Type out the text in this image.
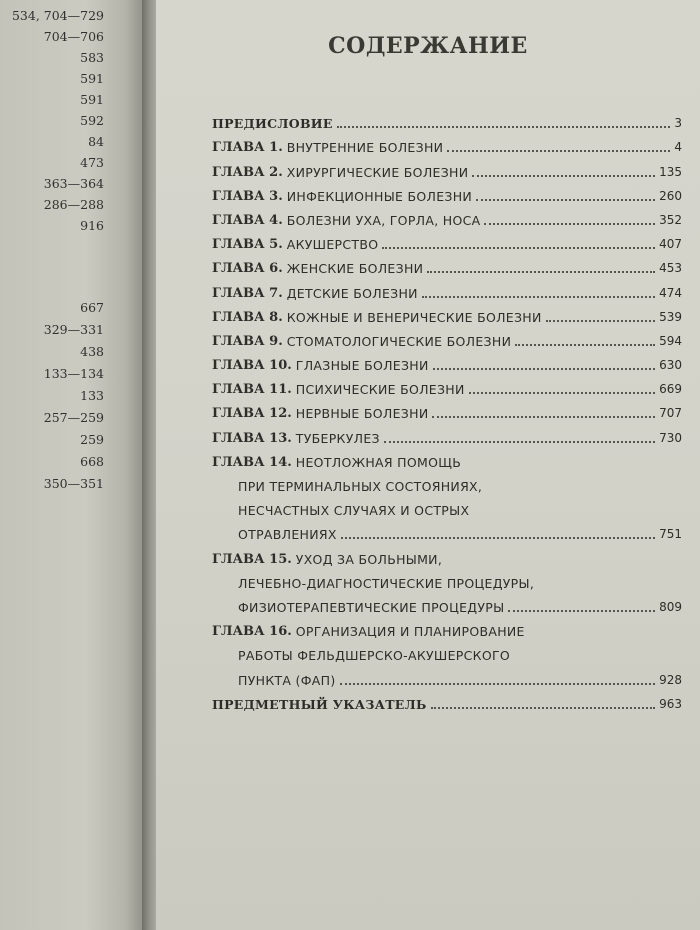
534, 704—729
704—706
583
591
591
592
84
473
363—364
286—288
916
667
329—331
438
133—134
133
257—259
259
668
350—351
СОДЕРЖАНИЕ
ПРЕДИСЛОВИЕ	3
ГЛАВА 1. ВНУТРЕННИЕ БОЛЕЗНИ	4
ГЛАВА 2. ХИРУРГИЧЕСКИЕ БОЛЕЗНИ	135
ГЛАВА 3. ИНФЕКЦИОННЫЕ БОЛЕЗНИ	260
ГЛАВА 4. БОЛЕЗНИ УХА, ГОРЛА, НОСА	352
ГЛАВА 5. АКУШЕРСТВО	407
ГЛАВА 6. ЖЕНСКИЕ БОЛЕЗНИ	453
ГЛАВА 7. ДЕТСКИЕ БОЛЕЗНИ	474
ГЛАВА 8. КОЖНЫЕ И ВЕНЕРИЧЕСКИЕ БОЛЕЗНИ	539
ГЛАВА 9. СТОМАТОЛОГИЧЕСКИЕ БОЛЕЗНИ	594
ГЛАВА 10. ГЛАЗНЫЕ БОЛЕЗНИ	630
ГЛАВА 11. ПСИХИЧЕСКИЕ БОЛЕЗНИ	669
ГЛАВА 12. НЕРВНЫЕ БОЛЕЗНИ	707
ГЛАВА 13. ТУБЕРКУЛЕЗ	730
ГЛАВА 14. НЕОТЛОЖНАЯ ПОМОЩЬ
ПРИ ТЕРМИНАЛЬНЫХ СОСТОЯНИЯХ,
НЕСЧАСТНЫХ СЛУЧАЯХ И ОСТРЫХ
ОТРАВЛЕНИЯХ	751
ГЛАВА 15. УХОД ЗА БОЛЬНЫМИ,
ЛЕЧЕБНО-ДИАГНОСТИЧЕСКИЕ ПРОЦЕДУРЫ,
ФИЗИОТЕРАПЕВТИЧЕСКИЕ ПРОЦЕДУРЫ	809
ГЛАВА 16. ОРГАНИЗАЦИЯ И ПЛАНИРОВАНИЕ
РАБОТЫ ФЕЛЬДШЕРСКО-АКУШЕРСКОГО
ПУНКТА (ФАП)	928
ПРЕДМЕТНЫЙ УКАЗАТЕЛЬ	963
